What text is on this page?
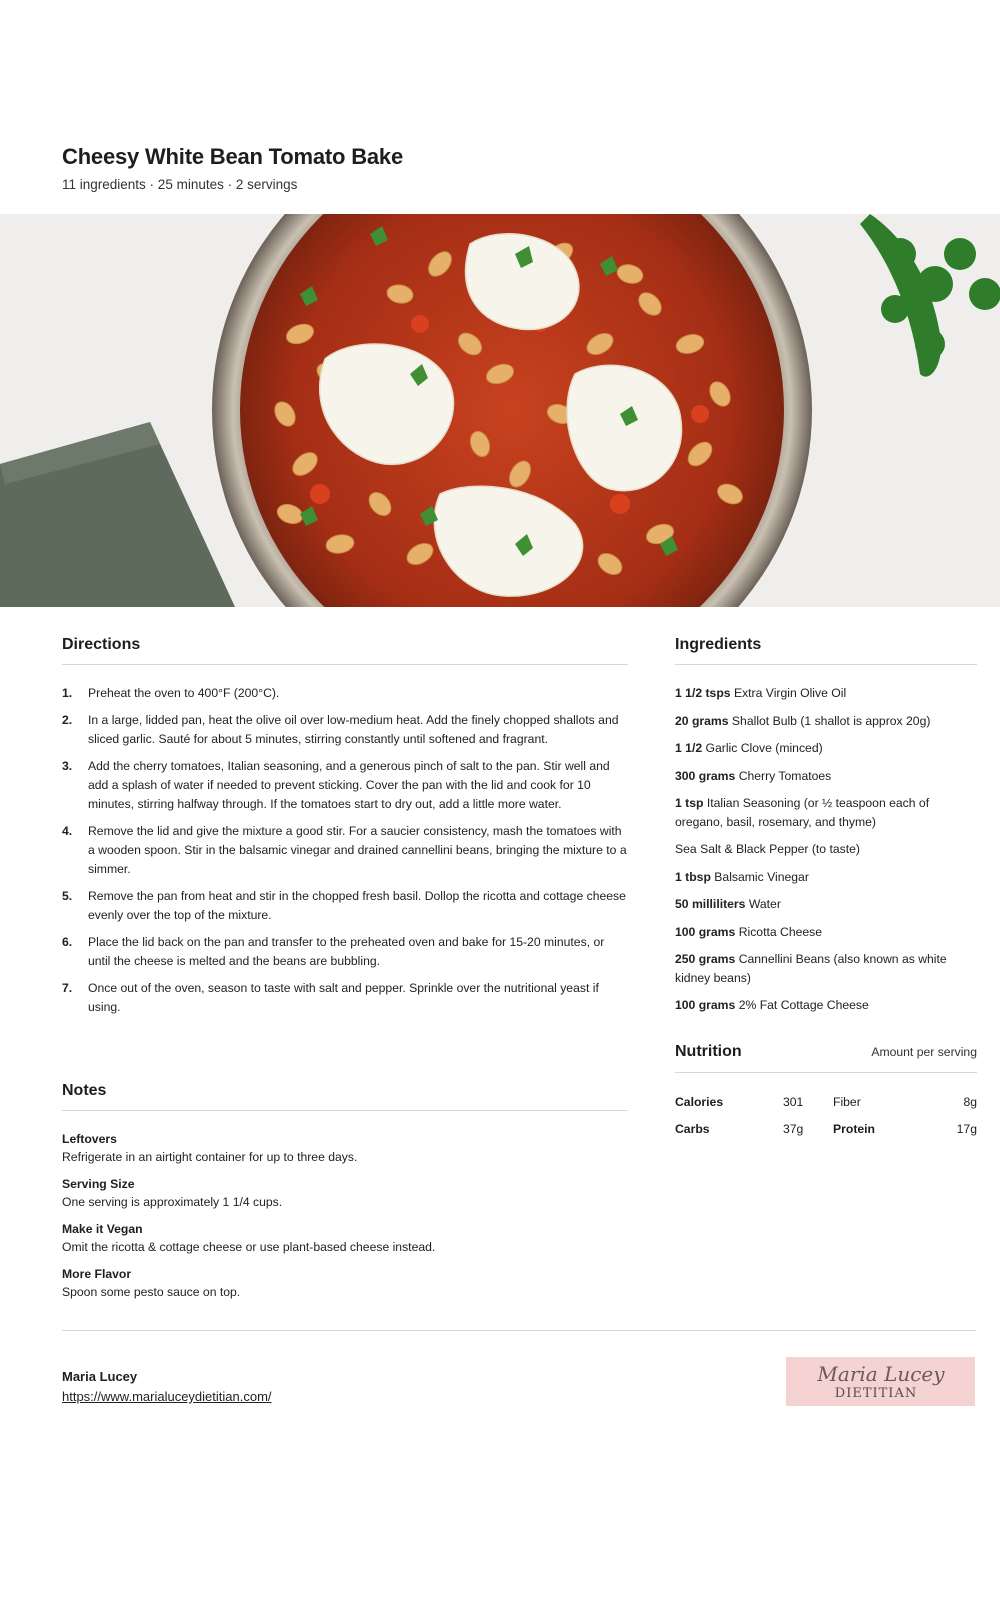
Cheesy White Bean Tomato Bake
11 ingredients · 25 minutes · 2 servings
Directions
1.	Preheat the oven to 400°F (200°C).
2.	In a large, lidded pan, heat the olive oil over low-medium heat. Add the finely chopped shallots and sliced garlic. Sauté for about 5 minutes, stirring constantly until softened and fragrant.
3.	Add the cherry tomatoes, Italian seasoning, and a generous pinch of salt to the pan. Stir well and add a splash of water if needed to prevent sticking. Cover the pan with the lid and cook for 10 minutes, stirring halfway through. If the tomatoes start to dry out, add a little more water.
4.	Remove the lid and give the mixture a good stir. For a saucier consistency, mash the tomatoes with a wooden spoon. Stir in the balsamic vinegar and drained cannellini beans, bringing the mixture to a simmer.
5.	Remove the pan from heat and stir in the chopped fresh basil. Dollop the ricotta and cottage cheese evenly over the top of the mixture.
6.	Place the lid back on the pan and transfer to the preheated oven and bake for 15-20 minutes, or until the cheese is melted and the beans are bubbling.
7.	Once out of the oven, season to taste with salt and pepper. Sprinkle over the nutritional yeast if using.
Notes
Leftovers
Refrigerate in an airtight container for up to three days.
Serving Size
One serving is approximately 1 1/4 cups.
Make it Vegan
Omit the ricotta & cottage cheese or use plant-based cheese instead.
More Flavor
Spoon some pesto sauce on top.
Ingredients
1 1/2 tsps Extra Virgin Olive Oil
20 grams Shallot Bulb (1 shallot is approx 20g)
1 1/2 Garlic Clove (minced)
300 grams Cherry Tomatoes
1 tsp Italian Seasoning (or ½ teaspoon each of oregano, basil, rosemary, and thyme)
Sea Salt & Black Pepper (to taste)
1 tbsp Balsamic Vinegar
50 milliliters Water
100 grams Ricotta Cheese
250 grams Cannellini Beans (also known as white kidney beans)
100 grams 2% Fat Cottage Cheese
Nutrition	Amount per serving
Calories	301		Fiber	8g
Carbs	37g		Protein	17g
Maria Lucey
https://www.marialuceydietitian.com/
Maria Lucey
DIETITIAN
